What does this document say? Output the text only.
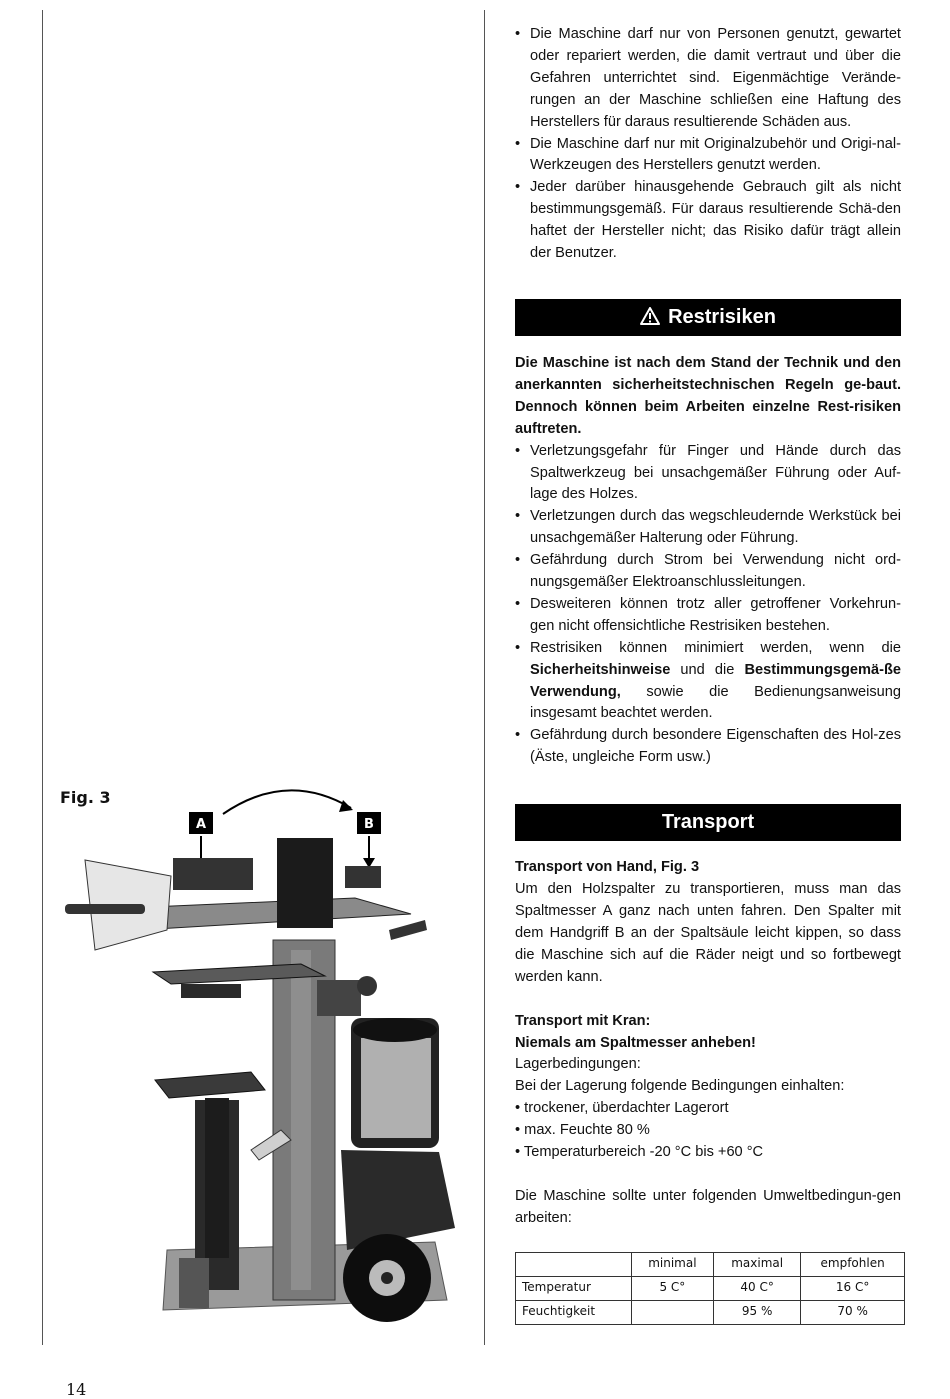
• Die Maschine darf nur von Personen genutzt, gewartet oder repariert werden, die damit vertraut und über die Gefahren unterrichtet sind. Eigenmächtige Verände-rungen an der Maschine schließen eine Haftung des Herstellers für daraus resultierende Schäden aus.
• Die Maschine darf nur mit Originalzubehör und Origi-nal-Werkzeugen des Herstellers genutzt werden.
• Jeder darüber hinausgehende Gebrauch gilt als nicht bestimmungsgemäß. Für daraus resultierende Schä-den haftet der Hersteller nicht; das Risiko dafür trägt allein der Benutzer.
Restrisiken

Die Maschine ist nach dem Stand der Technik und den anerkannten sicherheitstechnischen Regeln ge-baut. Dennoch können beim Arbeiten einzelne Rest-risiken auftreten.

• Verletzungsgefahr für Finger und Hände durch das Spaltwerkzeug bei unsachgemäßer Führung oder Auf-lage des Holzes.
• Verletzungen durch das wegschleudernde Werkstück bei unsachgemäßer Halterung oder Führung.
• Gefährdung durch Strom bei Verwendung nicht ord-nungsgemäßer Elektroanschlussleitungen.
• Desweiteren können trotz aller getroffener Vorkehrun-gen nicht offensichtliche Restrisiken bestehen.
• Restrisiken können minimiert werden, wenn die Sicherheitshinweise und die Bestimmungsgemä-ße Verwendung, sowie die Bedienungsanweisung insgesamt beachtet werden.
• Gefährdung durch besondere Eigenschaften des Hol-zes (Äste, ungleiche Form usw.)
Transport

Transport von Hand, Fig. 3

Um den Holzspalter zu transportieren, muss man das Spaltmesser A ganz nach unten fahren. Den Spalter mit dem Handgriff B an der Spaltsäule leicht kippen, so dass die Maschine sich auf die Räder neigt und so fortbewegt werden kann.

Transport mit Kran:

Niemals am Spaltmesser anheben!

Lagerbedingungen:

Bei der Lagerung folgende Bedingungen einhalten:

• trockener, überdachter Lagerort

• max. Feuchte 80 %

• Temperaturbereich -20 °C bis +60 °C

Die Maschine sollte unter folgenden Umweltbedingun-gen arbeiten:

	minimal	maximal	empfohlen
Temperatur	5 C°	40 C°	16 C°
Feuchtigkeit		95 %	70 %
Fig. 3
A	B
14
